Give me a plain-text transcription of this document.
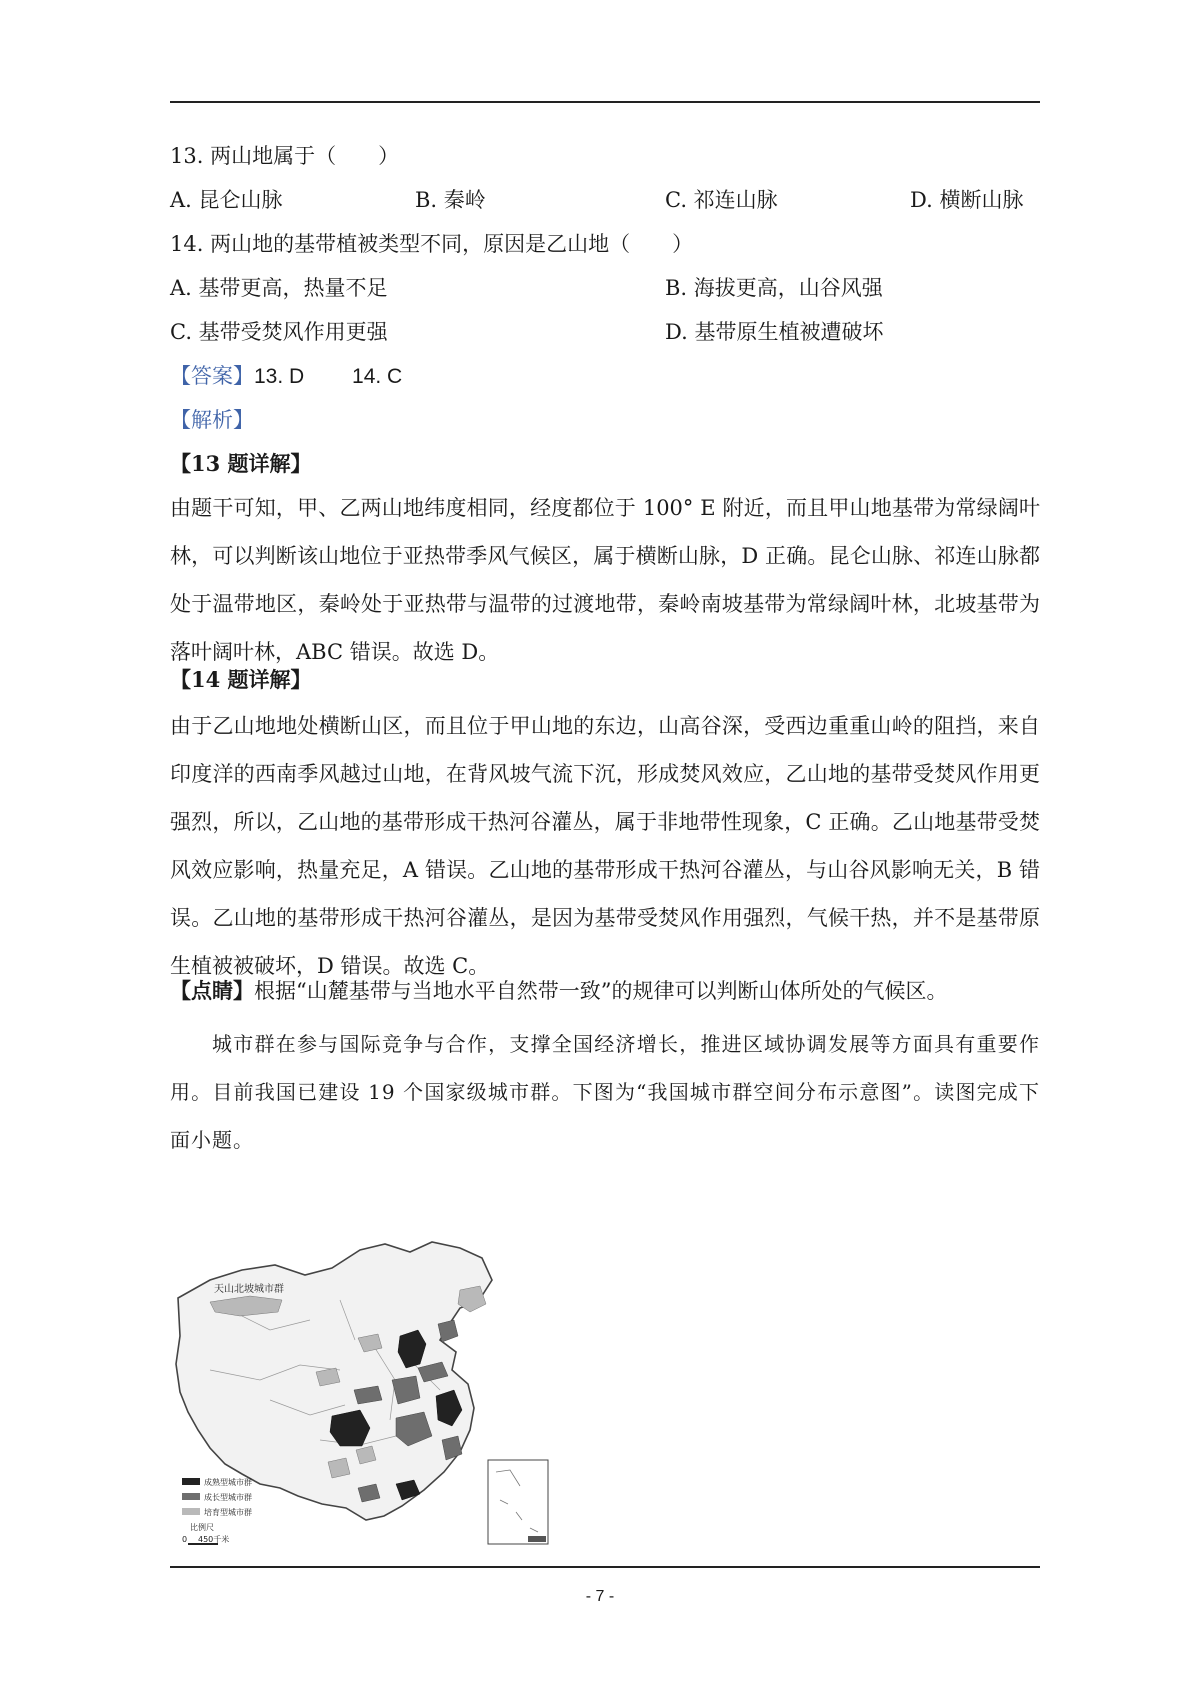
13. 两山地属于（　　）
A. 昆仑山脉	B. 秦岭	C. 祁连山脉	D. 横断山脉
14. 两山地的基带植被类型不同，原因是乙山地（　　）
A. 基带更高，热量不足	B. 海拔更高，山谷风强
C. 基带受焚风作用更强	D. 基带原生植被遭破坏
【答案】13. D　　 14. C
【解析】
【13 题详解】
由题干可知，甲、乙两山地纬度相同，经度都位于 100° E 附近，而且甲山地基带为常绿阔叶林，可以判断该山地位于亚热带季风气候区，属于横断山脉，D 正确。昆仑山脉、祁连山脉都处于温带地区，秦岭处于亚热带与温带的过渡地带，秦岭南坡基带为常绿阔叶林，北坡基带为落叶阔叶林，ABC 错误。故选 D。
【14 题详解】
由于乙山地地处横断山区，而且位于甲山地的东边，山高谷深，受西边重重山岭的阻挡，来自印度洋的西南季风越过山地，在背风坡气流下沉，形成焚风效应，乙山地的基带受焚风作用更强烈，所以，乙山地的基带形成干热河谷灌丛，属于非地带性现象，C 正确。乙山地基带受焚风效应影响，热量充足，A 错误。乙山地的基带形成干热河谷灌丛，与山谷风影响无关，B 错误。乙山地的基带形成干热河谷灌丛，是因为基带受焚风作用强烈，气候干热，并不是基带原生植被被破坏，D 错误。故选 C。
【点睛】根据“山麓基带与当地水平自然带一致”的规律可以判断山体所处的气候区。
城市群在参与国际竞争与合作，支撑全国经济增长，推进区域协调发展等方面具有重要作用。目前我国已建设 19 个国家级城市群。下图为“我国城市群空间分布示意图”。读图完成下面小题。
天山北坡城市群
成熟型城市群
成长型城市群
培育型城市群
比例尺
0 450千米
- 7 -
